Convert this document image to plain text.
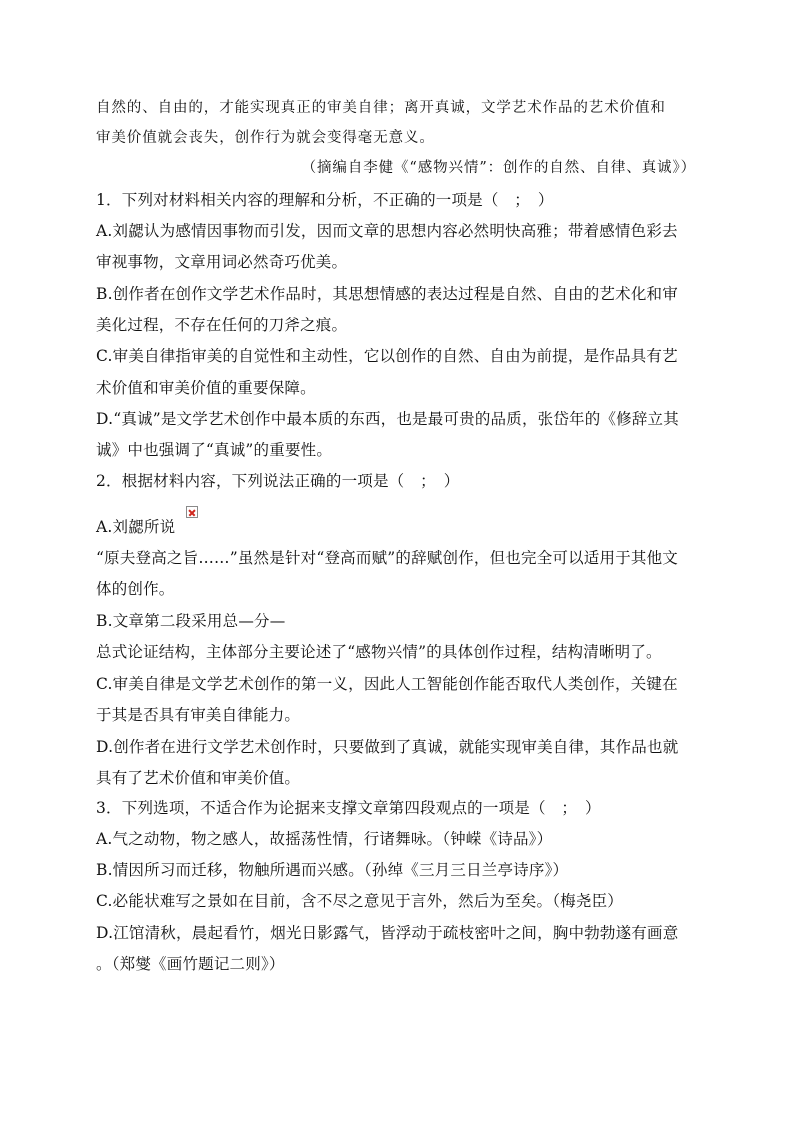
自然的、自由的，才能实现真正的审美自律；离开真诚，文学艺术作品的艺术价值和
审美价值就会丧失，创作行为就会变得毫无意义。
（摘编自李健《“感物兴情”：创作的自然、自律、真诚》）
1．下列对材料相关内容的理解和分析，不正确的一项是（　；　）
A.刘勰认为感情因事物而引发，因而文章的思想内容必然明快高雅；带着感情色彩去
审视事物，文章用词必然奇巧优美。
B.创作者在创作文学艺术作品时，其思想情感的表达过程是自然、自由的艺术化和审
美化过程，不存在任何的刀斧之痕。
C.审美自律指审美的自觉性和主动性，它以创作的自然、自由为前提，是作品具有艺
术价值和审美价值的重要保障。
D.“真诚”是文学艺术创作中最本质的东西，也是最可贵的品质，张岱年的《修辞立其
诚》中也强调了“真诚”的重要性。
2．根据材料内容，下列说法正确的一项是（　；　）
A.刘勰所说
“原夫登高之旨……”虽然是针对“登高而赋”的辞赋创作，但也完全可以适用于其他文
体的创作。
B.文章第二段采用总—分—
总式论证结构，主体部分主要论述了“感物兴情”的具体创作过程，结构清晰明了。
C.审美自律是文学艺术创作的第一义，因此人工智能创作能否取代人类创作，关键在
于其是否具有审美自律能力。
D.创作者在进行文学艺术创作时，只要做到了真诚，就能实现审美自律，其作品也就
具有了艺术价值和审美价值。
3．下列选项，不适合作为论据来支撑文章第四段观点的一项是（　；　）
A.气之动物，物之感人，故摇荡性情，行诸舞咏。（钟嵘《诗品》）
B.情因所习而迁移，物触所遇而兴感。（孙绰《三月三日兰亭诗序》）
C.必能状难写之景如在目前，含不尽之意见于言外，然后为至矣。（梅尧臣）
D.江馆清秋，晨起看竹，烟光日影露气，皆浮动于疏枝密叶之间，胸中勃勃遂有画意
。（郑燮《画竹题记二则》）
